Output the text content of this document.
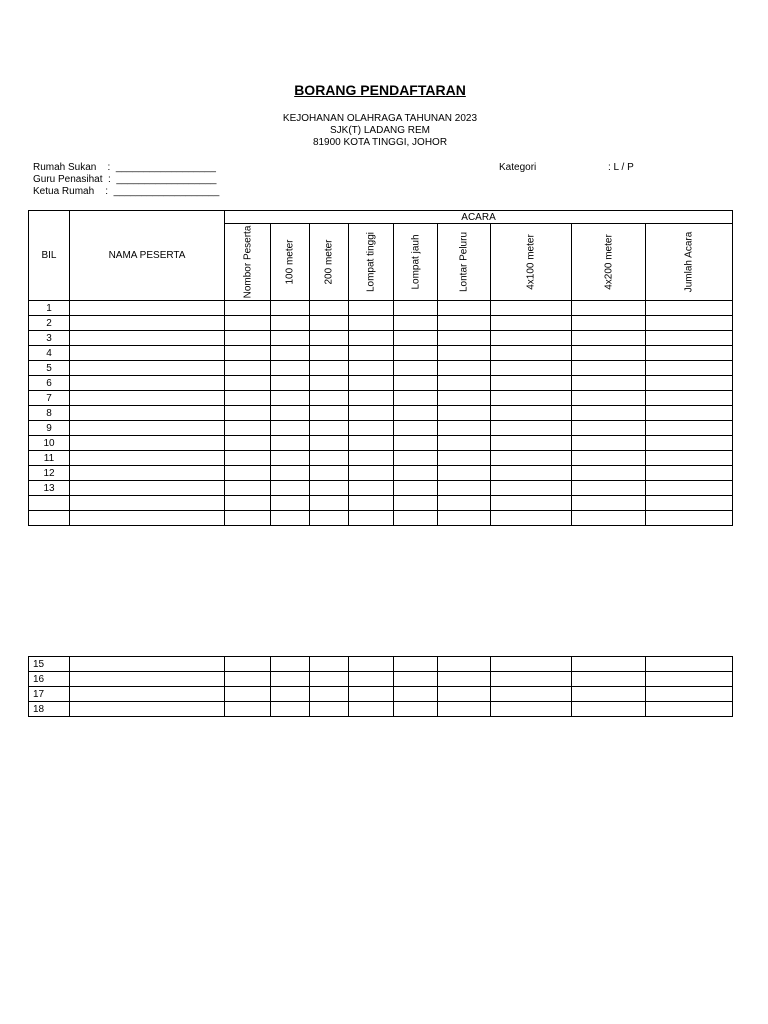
BORANG PENDAFTARAN
KEJOHANAN OLAHRAGA TAHUNAN 2023
SJK(T) LADANG REM
81900 KOTA TINGGI, JOHOR
Rumah Sukan    :  __________________
Guru Penasihat  :  __________________
Ketua Rumah    :  ___________________
Kategori	: L / P
BIL	NAMA PESERTA	ACARA								

		Nombor Peserta	100 meter	200 meter	Lompat tinggi	Lompat jauh	Lontar Peluru	4x100 meter	4x200 meter	Jumlah Acara

1										
2										
3										
4										
5										
6										
7										
8										
9										
10										
11										
12										
13										

15										
16										
17										
18										
